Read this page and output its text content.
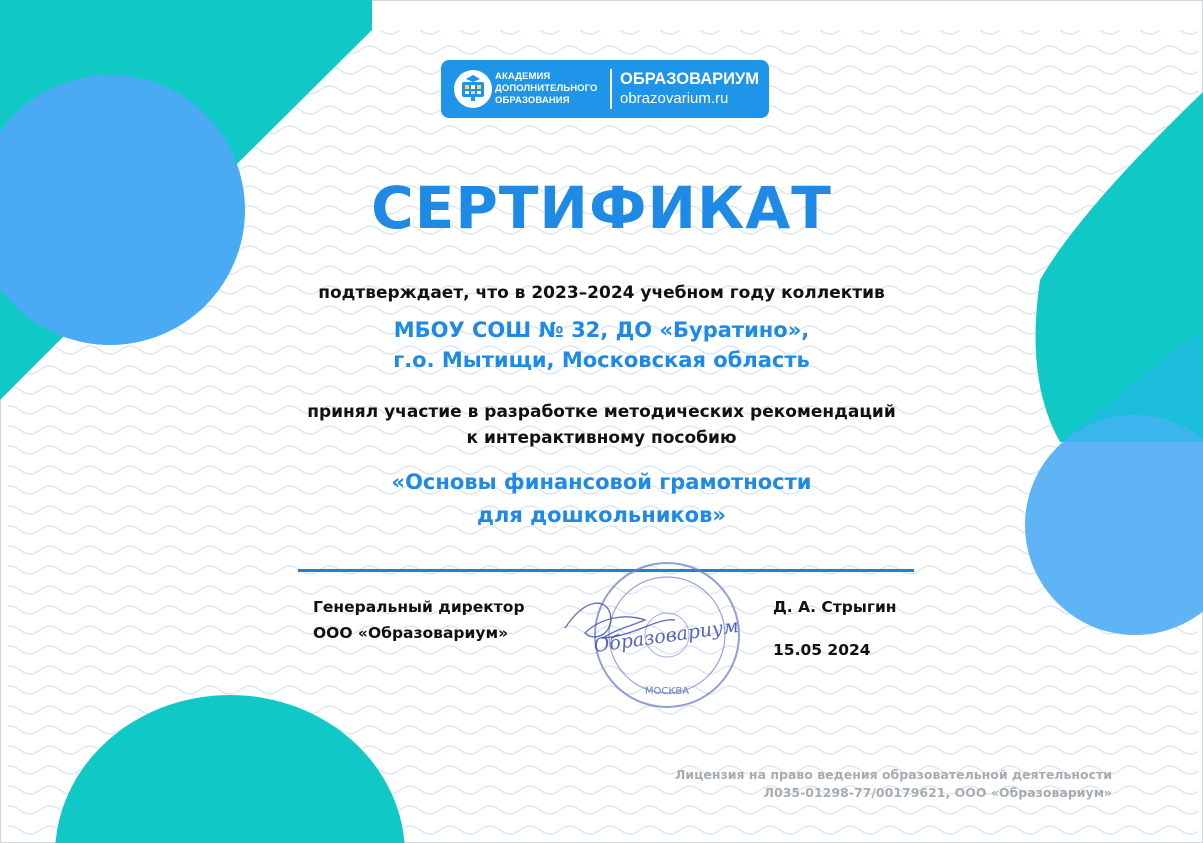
АКАДЕМИЯ
ДОПОЛНИТЕЛЬНОГО
ОБРАЗОВАНИЯ
ОБРАЗОВАРИУМ
obrazovarium.ru
СЕРТИФИКАТ
подтверждает, что в 2023–2024 учебном году коллектив
МБОУ СОШ № 32, ДО «Буратино»,
г.о. Мытищи, Московская область
принял участие в разработке методических рекомендаций
к интерактивному пособию
«Основы финансовой грамотности
для дошкольников»
Генеральный директор
ООО «Образовариум»	Образовариум
МОСКВА
Д. А. Стрыгин
15.05 2024
Лицензия на право ведения образовательной деятельности
Л035-01298-77/00179621, ООО «Образовариум»
